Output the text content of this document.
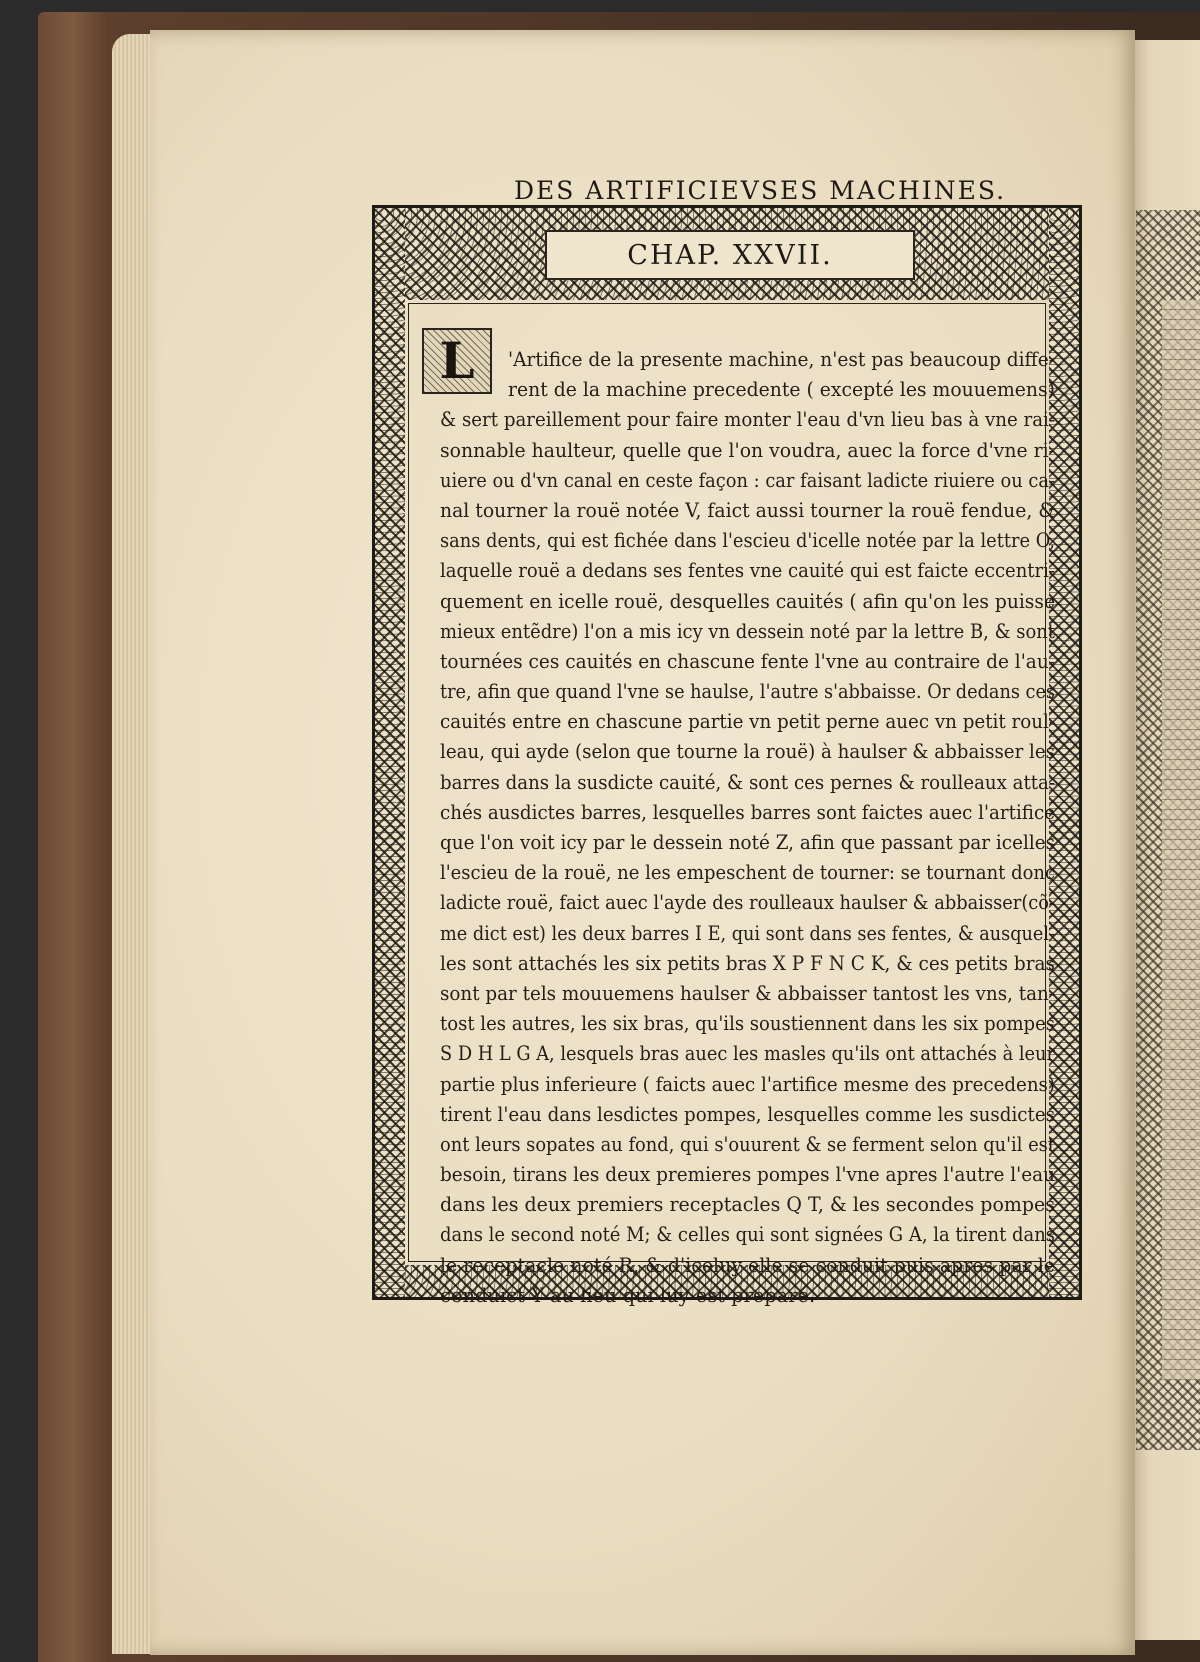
DES ARTIFICIEVSES MACHINES.
CHAP. XXVII.
L	'Artifice de la presente machine, n'est pas beaucoup diffe-
rent de la machine precedente ( excepté les mouuemens)
& sert pareillement pour faire monter l'eau d'vn lieu bas à vne rai-
sonnable haulteur, quelle que l'on voudra, auec la force d'vne ri-
uiere ou d'vn canal en ceste façon : car faisant ladicte riuiere ou ca-
nal tourner la rouë notée V, faict aussi tourner la rouë fendue, &
sans dents, qui est fichée dans l'escieu d'icelle notée par la lettre O,
laquelle rouë a dedans ses fentes vne cauité qui est faicte eccentri-
quement en icelle rouë, desquelles cauités ( afin qu'on les puisse
mieux entẽdre) l'on a mis icy vn dessein noté par la lettre B, & sont
tournées ces cauités en chascune fente l'vne au contraire de l'au-
tre, afin que quand l'vne se haulse, l'autre s'abbaisse. Or dedans ces
cauités entre en chascune partie vn petit perne auec vn petit roul-
leau, qui ayde (selon que tourne la rouë) à haulser & abbaisser les
barres dans la susdicte cauité, & sont ces pernes & roulleaux atta-
chés ausdictes barres, lesquelles barres sont faictes auec l'artifice
que l'on voit icy par le dessein noté Z, afin que passant par icelles
l'escieu de la rouë, ne les empeschent de tourner: se tournant donc
ladicte rouë, faict auec l'ayde des roulleaux haulser & abbaisser(cõ-
me dict est) les deux barres I E, qui sont dans ses fentes, & ausquel-
les sont attachés les six petits bras X P F N C K, & ces petits bras
sont par tels mouuemens haulser & abbaisser tantost les vns, tan-
tost les autres, les six bras, qu'ils soustiennent dans les six pompes
S D H L G A, lesquels bras auec les masles qu'ils ont attachés à leur
partie plus inferieure ( faicts auec l'artifice mesme des precedens)
tirent l'eau dans lesdictes pompes, lesquelles comme les susdictes
ont leurs sopates au fond, qui s'ouurent & se ferment selon qu'il est
besoin, tirans les deux premieres pompes l'vne apres l'autre l'eau
dans les deux premiers receptacles Q T, & les secondes pompes
dans le second noté M; & celles qui sont signées G A, la tirent dans
le receptacle noté R, & d'iceluy elle se conduit puis apres par le
conduict Y au lieu qui luy est preparé.
